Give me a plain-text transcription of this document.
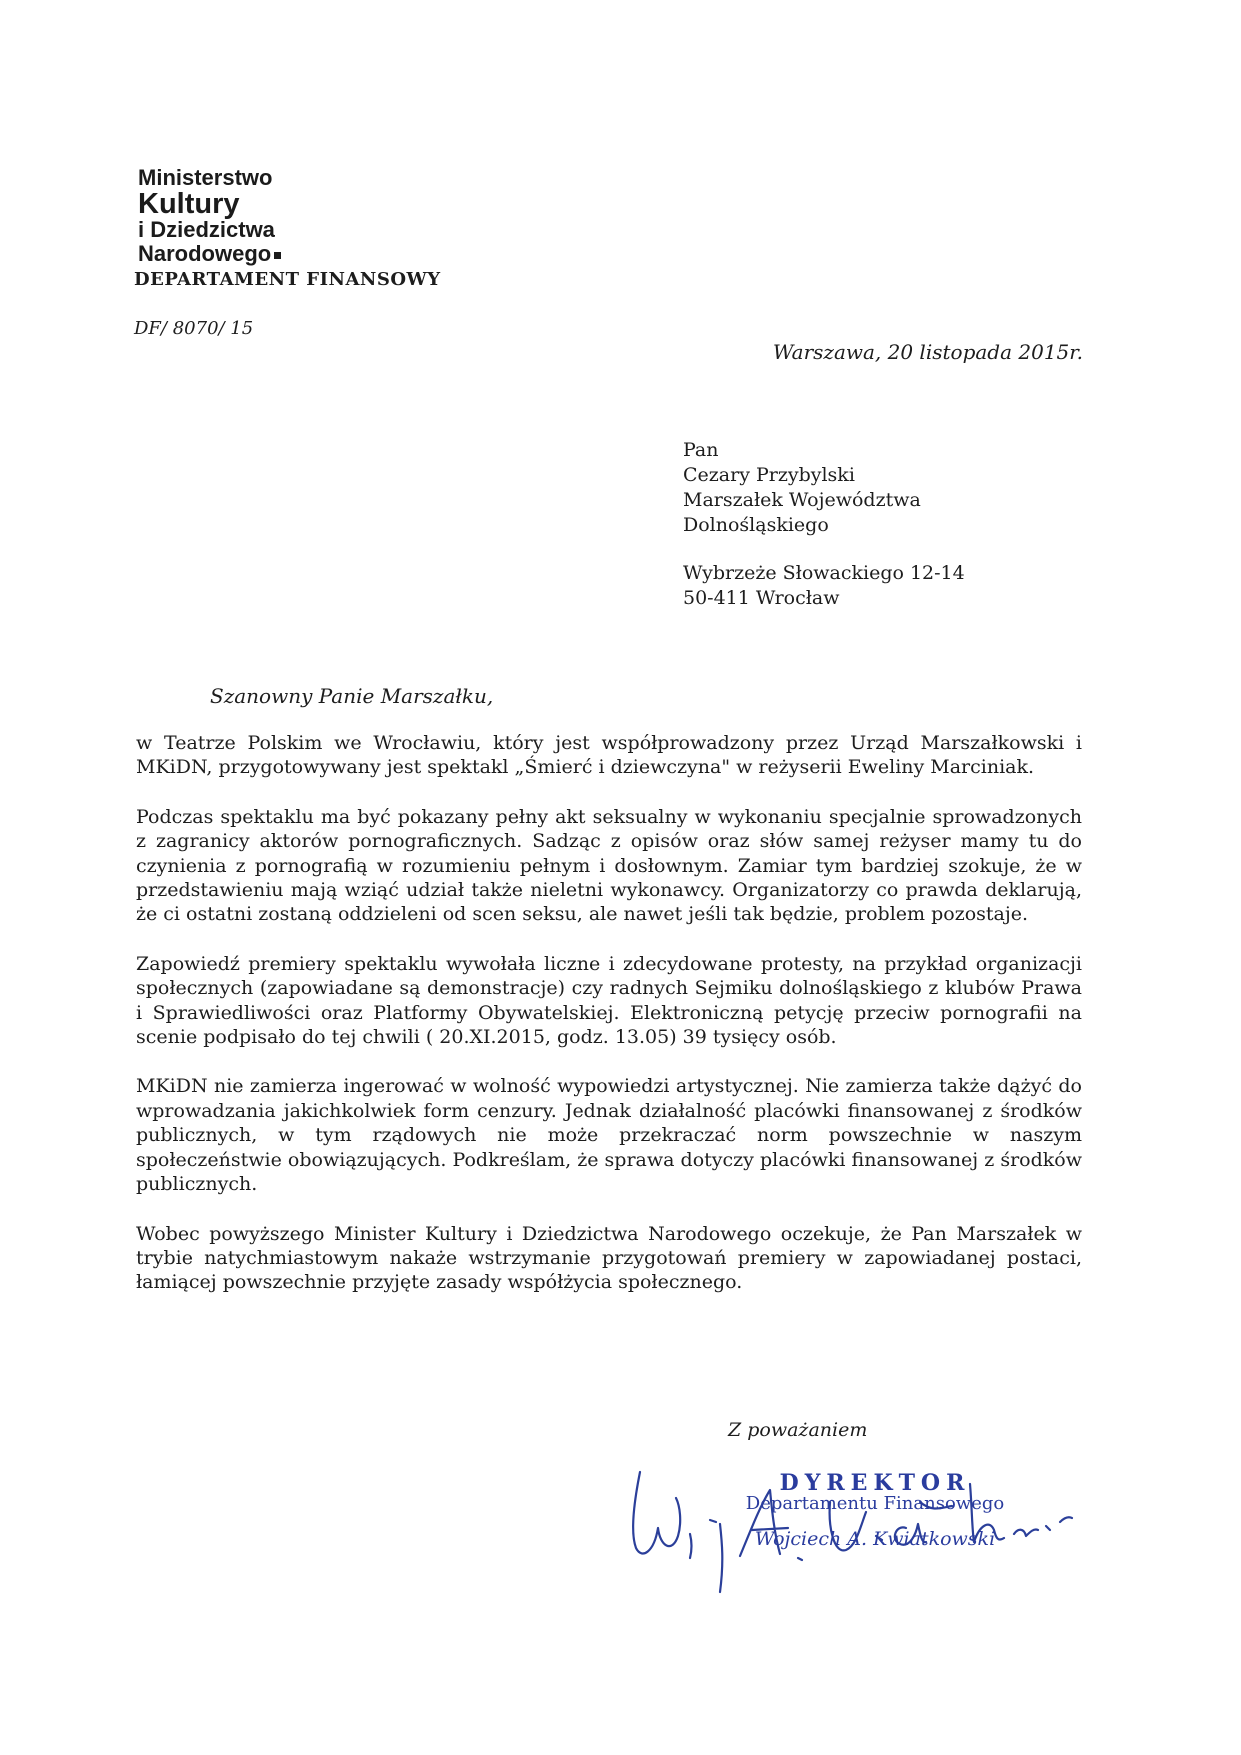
Ministerstwo
Kultury
i Dziedzictwa
Narodowego
DEPARTAMENT FINANSOWY
DF/ 8070/ 15
Warszawa, 20 listopada 2015r.
Pan
Cezary Przybylski
Marszałek Województwa
Dolnośląskiego
Wybrzeże Słowackiego 12-14
50-411 Wrocław
Szanowny Panie Marszałku,

w Teatrze Polskim we Wrocławiu, który jest współprowadzony przez Urząd Marszałkowski i MKiDN, przygotowywany jest spektakl „Śmierć i dziewczyna" w reżyserii Eweliny Marciniak.

Podczas spektaklu ma być pokazany pełny akt seksualny w wykonaniu specjalnie sprowadzonych z zagranicy aktorów pornograficznych. Sadząc z opisów oraz słów samej reżyser mamy tu do czynienia z pornografią w rozumieniu pełnym i dosłownym. Zamiar tym bardziej szokuje, że w przedstawieniu mają wziąć udział także nieletni wykonawcy. Organizatorzy co prawda deklarują, że ci ostatni zostaną oddzieleni od scen seksu, ale nawet jeśli tak będzie, problem pozostaje.

Zapowiedź premiery spektaklu wywołała liczne i zdecydowane protesty, na przykład organizacji społecznych (zapowiadane są demonstracje) czy radnych Sejmiku dolnośląskiego z klubów Prawa i Sprawiedliwości oraz Platformy Obywatelskiej. Elektroniczną petycję przeciw pornografii na scenie podpisało do tej chwili ( 20.XI.2015, godz. 13.05) 39 tysięcy osób.

MKiDN nie zamierza ingerować w wolność wypowiedzi artystycznej. Nie zamierza także dążyć do wprowadzania jakichkolwiek form cenzury. Jednak działalność placówki finansowanej z środków publicznych, w tym rządowych nie może przekraczać norm powszechnie w naszym społeczeństwie obowiązujących. Podkreślam, że sprawa dotyczy placówki finansowanej z środków publicznych.

Wobec powyższego Minister Kultury i Dziedzictwa Narodowego oczekuje, że Pan Marszałek w trybie natychmiastowym nakaże wstrzymanie przygotowań premiery w zapowiadanej postaci, łamiącej powszechnie przyjęte zasady współżycia społecznego.

Z poważaniem
DYREKTOR
Departamentu Finansowego
Wojciech A. Kwiatkowski
